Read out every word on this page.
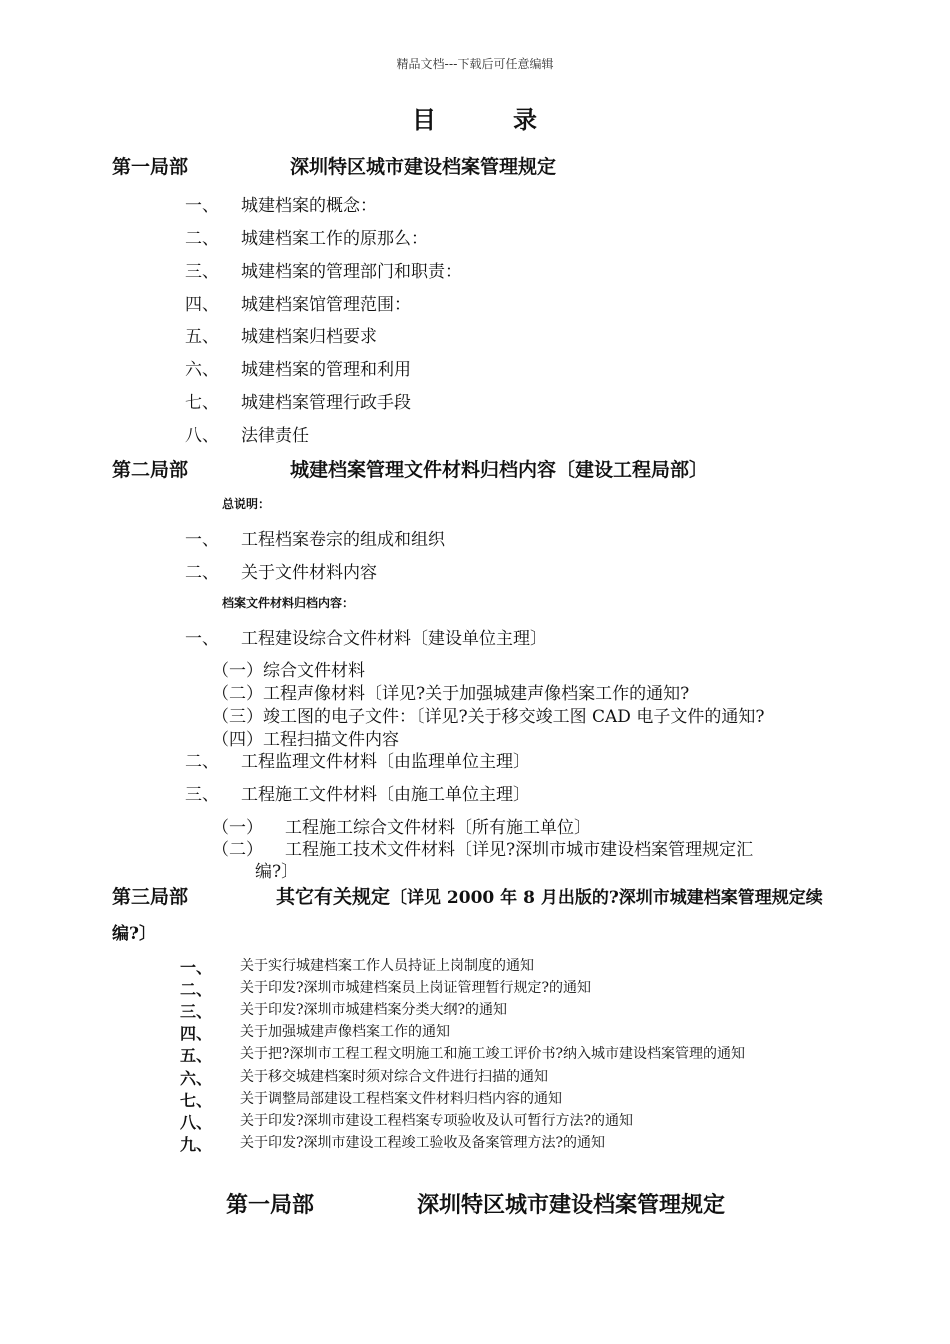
精品文档---下载后可任意编辑
目	录
第一局部	深圳特区城市建设档案管理规定
一、 城建档案的概念：
二、 城建档案工作的原那么：
三、 城建档案的管理部门和职责：
四、 城建档案馆管理范围：
五、 城建档案归档要求
六、 城建档案的管理和利用
七、 城建档案管理行政手段
八、 法律责任
第二局部	城建档案管理文件材料归档内容〔建设工程局部〕
总说明：
一、 工程档案卷宗的组成和组织
二、 关于文件材料内容
档案文件材料归档内容：
一、 工程建设综合文件材料〔建设单位主理〕
（一）综合文件材料
（二）工程声像材料〔详见?关于加强城建声像档案工作的通知?
（三）竣工图的电子文件：〔详见?关于移交竣工图 CAD 电子文件的通知?
（四）工程扫描文件内容
二、 工程监理文件材料〔由监理单位主理〕
三、 工程施工文件材料〔由施工单位主理〕
（一） 工程施工综合文件材料〔所有施工单位〕
（二） 工程施工技术文件材料〔详见?深圳市城市建设档案管理规定汇
编?〕
第三局部	其它有关规定〔详见 2000 年 8 月出版的?深圳市城建档案管理规定续
编?〕
一、 关于实行城建档案工作人员持证上岗制度的通知
二、 关于印发?深圳市城建档案员上岗证管理暂行规定?的通知
三、 关于印发?深圳市城建档案分类大纲?的通知
四、 关于加强城建声像档案工作的通知
五、 关于把?深圳市工程工程文明施工和施工竣工评价书?纳入城市建设档案管理的通知
六、 关于移交城建档案时须对综合文件进行扫描的通知
七、 关于调整局部建设工程档案文件材料归档内容的通知
八、 关于印发?深圳市建设工程档案专项验收及认可暂行方法?的通知
九、 关于印发?深圳市建设工程竣工验收及备案管理方法?的通知
第一局部	深圳特区城市建设档案管理规定
